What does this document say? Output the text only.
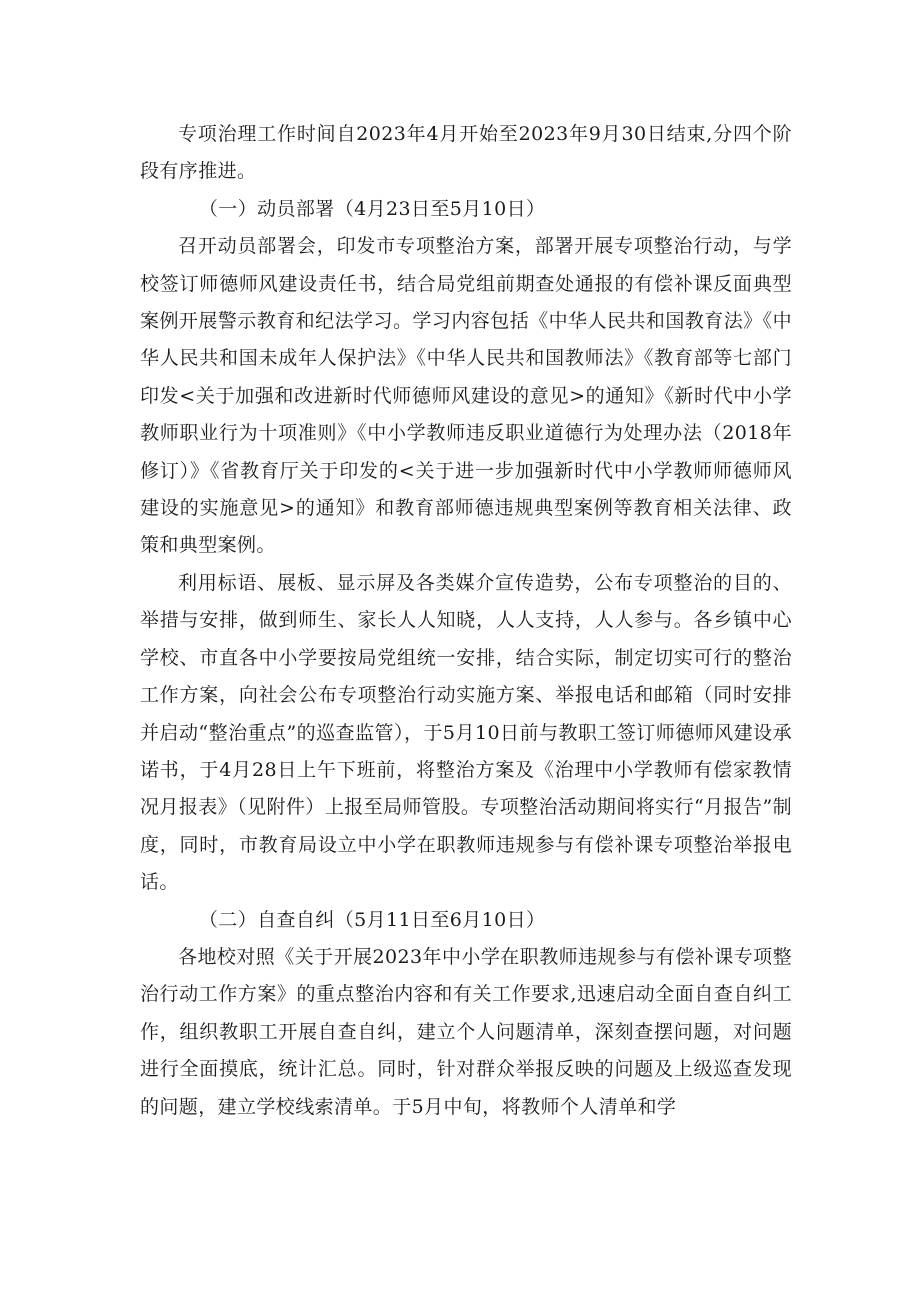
专项治理工作时间自2023年4月开始至2023年9月30日结束,分四个阶段有序推进。

（一）动员部署（4月23日至5月10日）

召开动员部署会，印发市专项整治方案，部署开展专项整治行动，与学校签订师德师风建设责任书，结合局党组前期查处通报的有偿补课反面典型案例开展警示教育和纪法学习。学习内容包括《中华人民共和国教育法》《中华人民共和国未成年人保护法》《中华人民共和国教师法》《教育部等七部门印发<关于加强和改进新时代师德师风建设的意见>的通知》《新时代中小学教师职业行为十项准则》《中小学教师违反职业道德行为处理办法（2018年修订）》《省教育厅关于印发的<关于进一步加强新时代中小学教师师德师风建设的实施意见>的通知》和教育部师德违规典型案例等教育相关法律、政策和典型案例。

利用标语、展板、显示屏及各类媒介宣传造势，公布专项整治的目的、举措与安排，做到师生、家长人人知晓，人人支持，人人参与。各乡镇中心学校、市直各中小学要按局党组统一安排，结合实际，制定切实可行的整治工作方案，向社会公布专项整治行动实施方案、举报电话和邮箱（同时安排并启动“整治重点”的巡查监管），于5月10日前与教职工签订师德师风建设承诺书，于4月28日上午下班前，将整治方案及《治理中小学教师有偿家教情况月报表》（见附件）上报至局师管股。专项整治活动期间将实行“月报告”制度，同时，市教育局设立中小学在职教师违规参与有偿补课专项整治举报电话。

（二）自查自纠（5月11日至6月10日）

各地校对照《关于开展2023年中小学在职教师违规参与有偿补课专项整治行动工作方案》的重点整治内容和有关工作要求,迅速启动全面自查自纠工作，组织教职工开展自查自纠，建立个人问题清单，深刻查摆问题，对问题进行全面摸底，统计汇总。同时，针对群众举报反映的问题及上级巡查发现的问题，建立学校线索清单。于5月中旬，将教师个人清单和学
